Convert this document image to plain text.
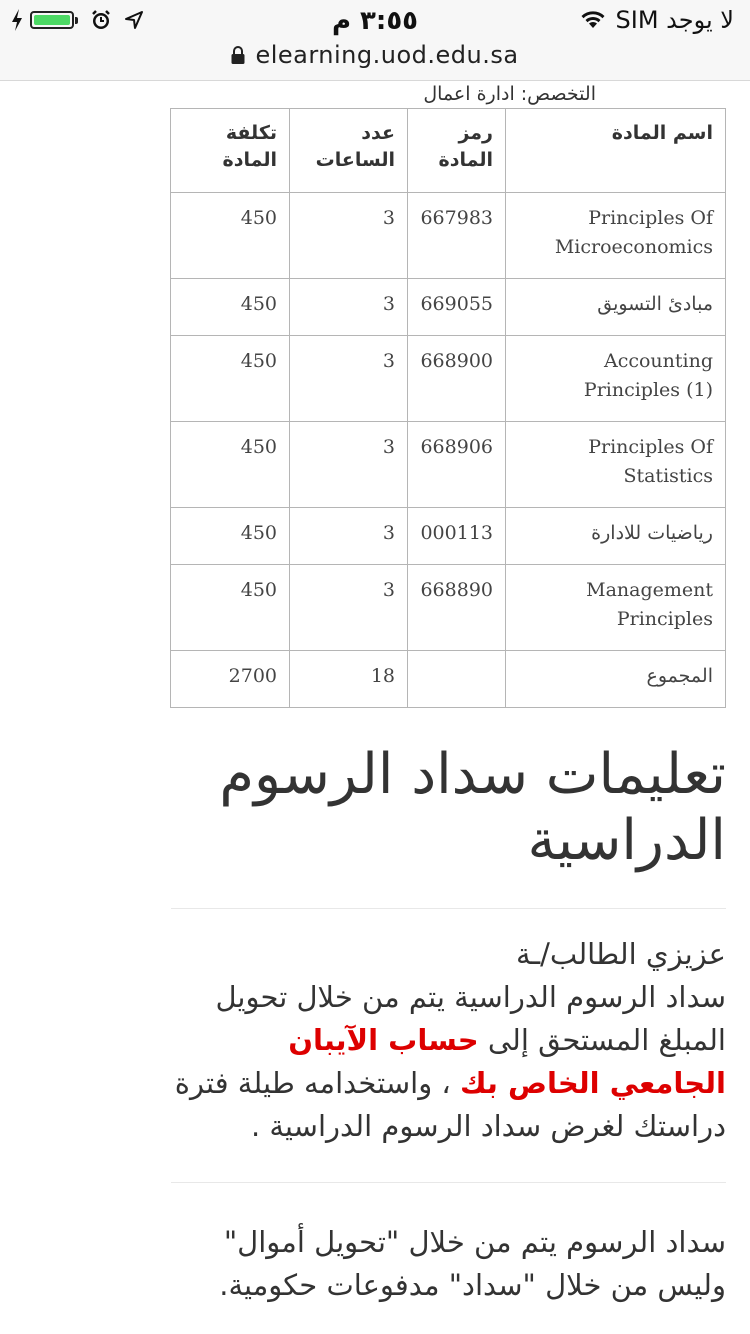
٣:٥٥ م	لا يوجد SIM
elearning.uod.edu.sa
التخصص: ادارة اعمال
اسم المادة	رمز المادة	عدد الساعات	تكلفة المادة
Principles Of Microeconomics	667983	3	450
مبادئ التسويق	669055	3	450
Accounting Principles (1)	668900	3	450
Principles Of Statistics	668906	3	450
رياضيات للادارة	000113	3	450
Management Principles	668890	3	450
المجموع		18	2700
تعليمات سداد الرسوم الدراسية
عزيزي الطالب/ـة
سداد الرسوم الدراسية يتم من خلال تحويل المبلغ المستحق إلى حساب الآيبان الجامعي الخاص بك ، واستخدامه طيلة فترة دراستك لغرض سداد الرسوم الدراسية .
سداد الرسوم يتم من خلال "تحويل أموال" وليس من خلال "سداد" مدفوعات حكومية.
